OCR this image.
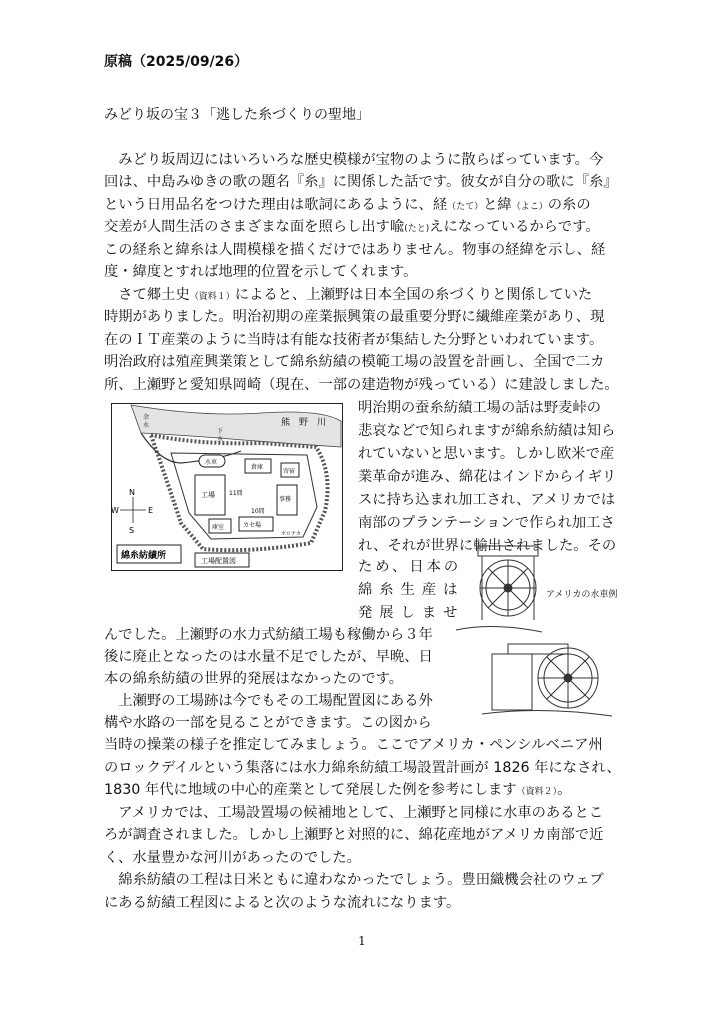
原稿（2025/09/26）
みどり坂の宝３「逃した糸づくりの聖地」

　みどり坂周辺にはいろいろな歴史模様が宝物のように散らばっています。今

回は、中島みゆきの歌の題名『糸』に関係した話です。彼女が自分の歌に『糸』

という日用品名をつけた理由は歌詞にあるように、経（たて）と緯（よこ）の糸の

交差が人間生活のさまざまな面を照らし出す喩(たと)えになっているからです。

この経糸と緯糸は人間模様を描くだけではありません。物事の経緯を示し、経

度・緯度とすれば地理的位置を示してくれます。

　さて郷土史（資料１）によると、上瀬野は日本全国の糸づくりと関係していた

時期がありました。明治初期の産業振興策の最重要分野に繊維産業があり、現

在のＩＴ産業のように当時は有能な技術者が集結した分野といわれています。

明治政府は殖産興業策として綿糸紡績の模範工場の設置を計画し、全国で二カ

所、上瀬野と愛知県岡崎（現在、一部の建造物が残っている）に建設しました。

明治期の蚕糸紡績工場の話は野麦峠の

悲哀などで知られますが綿糸紡績は知ら

れていないと思います。しかし欧米で産

業革命が進み、綿花はインドからイギリ

スに持ち込まれ加工され、アメリカでは

南部のプランテーションで作られ加工さ

れ、それが世界に輸出されました。その

ため、日本の

綿糸生産は

発展しませ

んでした。上瀬野の水力式紡績工場も稼働から３年

後に廃止となったのは水量不足でしたが、早晩、日

本の綿糸紡績の世界的発展はなかったのです。

　上瀬野の工場跡は今でもその工場配置図にある外

構や水路の一部を見ることができます。この図から

当時の操業の様子を推定してみましょう。ここでアメリカ・ペンシルベニア州

のロックデイルという集落には水力綿糸紡績工場設置計画が 1826 年になされ、

1830 年代に地域の中心的産業として発展した例を参考にします（資料２）。

　アメリカでは、工場設置場の候補地として、上瀬野と同様に水車のあるとこ

ろが調査されました。しかし上瀬野と対照的に、綿花産地がアメリカ南部で近

く、水量豊かな河川があったのでした。

　綿糸紡績の工程は日米ともに違わなかったでしょう。豊田織機会社のウェブ

にある紡績工程図によると次のような流れになります。

熊　野　川
工場
水車
倉庫
寄宿
事務
カセ場
庫室
10間
11間
余
水
下
水
ボロテカ
N
S
W	E
綿糸紡績所	工場配置図
アメリカの水車例
1
